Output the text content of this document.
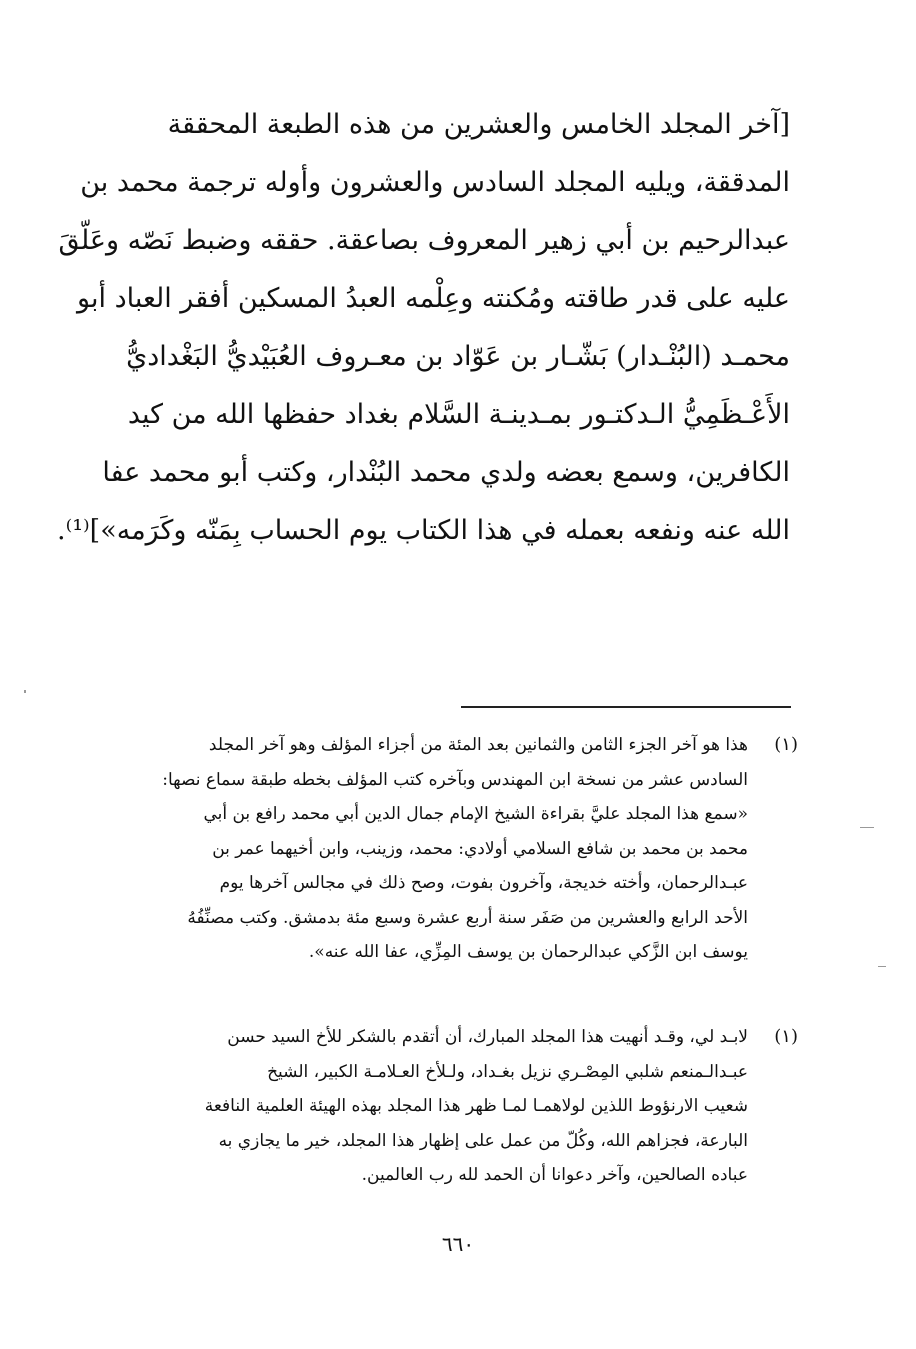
[آخر المجلد الخامس والعشرين من هذه الطبعة المحققة
المدققة، ويليه المجلد السادس والعشرون وأوله ترجمة محمد بن
عبدالرحيم بن أبي زهير المعروف بصاعقة. حققه وضبط نَصّه وعَلّقَ
عليه على قدر طاقته ومُكنته وعِلْمه العبدُ المسكين أفقر العباد أبو
محمـد (البُنْـدار) بَشّـار بن عَوّاد بن معـروف العُبَيْديُّ البَغْداديُّ
الأَعْـظَمِيُّ الـدكتـور بمـدينـة السَّلام بغداد حفظها الله من كيد
الكافرين، وسمع بعضه ولدي محمد البُنْدار، وكتب أبو محمد عفا
الله عنه ونفعه بعمله في هذا الكتاب يوم الحساب بِمَنّه وكَرَمه»]⁽¹⁾.
(١)
هذا هو آخر الجزء الثامن والثمانين بعد المئة من أجزاء المؤلف وهو آخر المجلد
السادس عشر من نسخة ابن المهندس وبآخره كتب المؤلف بخطه طبقة سماع نصها:
«سمع هذا المجلد عليَّ بقراءة الشيخ الإمام جمال الدين أبي محمد رافع بن أبي
محمد بن محمد بن شافع السلامي أولادي: محمد، وزينب، وابن أخيهما عمر بن
عبـدالرحمان، وأخته خديجة، وآخرون بفوت، وصح ذلك في مجالس آخرها يوم
الأحد الرابع والعشرين من صَفَر سنة أربع عشرة وسبع مئة بدمشق. وكتب مصنِّفُهُ
يوسف ابن الزَّكي عبدالرحمان بن يوسف المِزِّي، عفا الله عنه».
(١)
لابـد لي، وقـد أنهيت هذا المجلد المبارك، أن أتقدم بالشكر للأخ السيد حسن
عبـدالـمنعم شلبي المِصْـري نزيل بغـداد، ولـلأخ العـلامـة الكبير، الشيخ
شعيب الارنؤوط اللذين لولاهمـا لمـا ظهر هذا المجلد بهذه الهيئة العلمية النافعة
البارعة، فجزاهم الله، وكُلّ من عمل على إظهار هذا المجلد، خير ما يجازي به
عباده الصالحين، وآخر دعوانا أن الحمد لله رب العالمين.
٦٦٠
